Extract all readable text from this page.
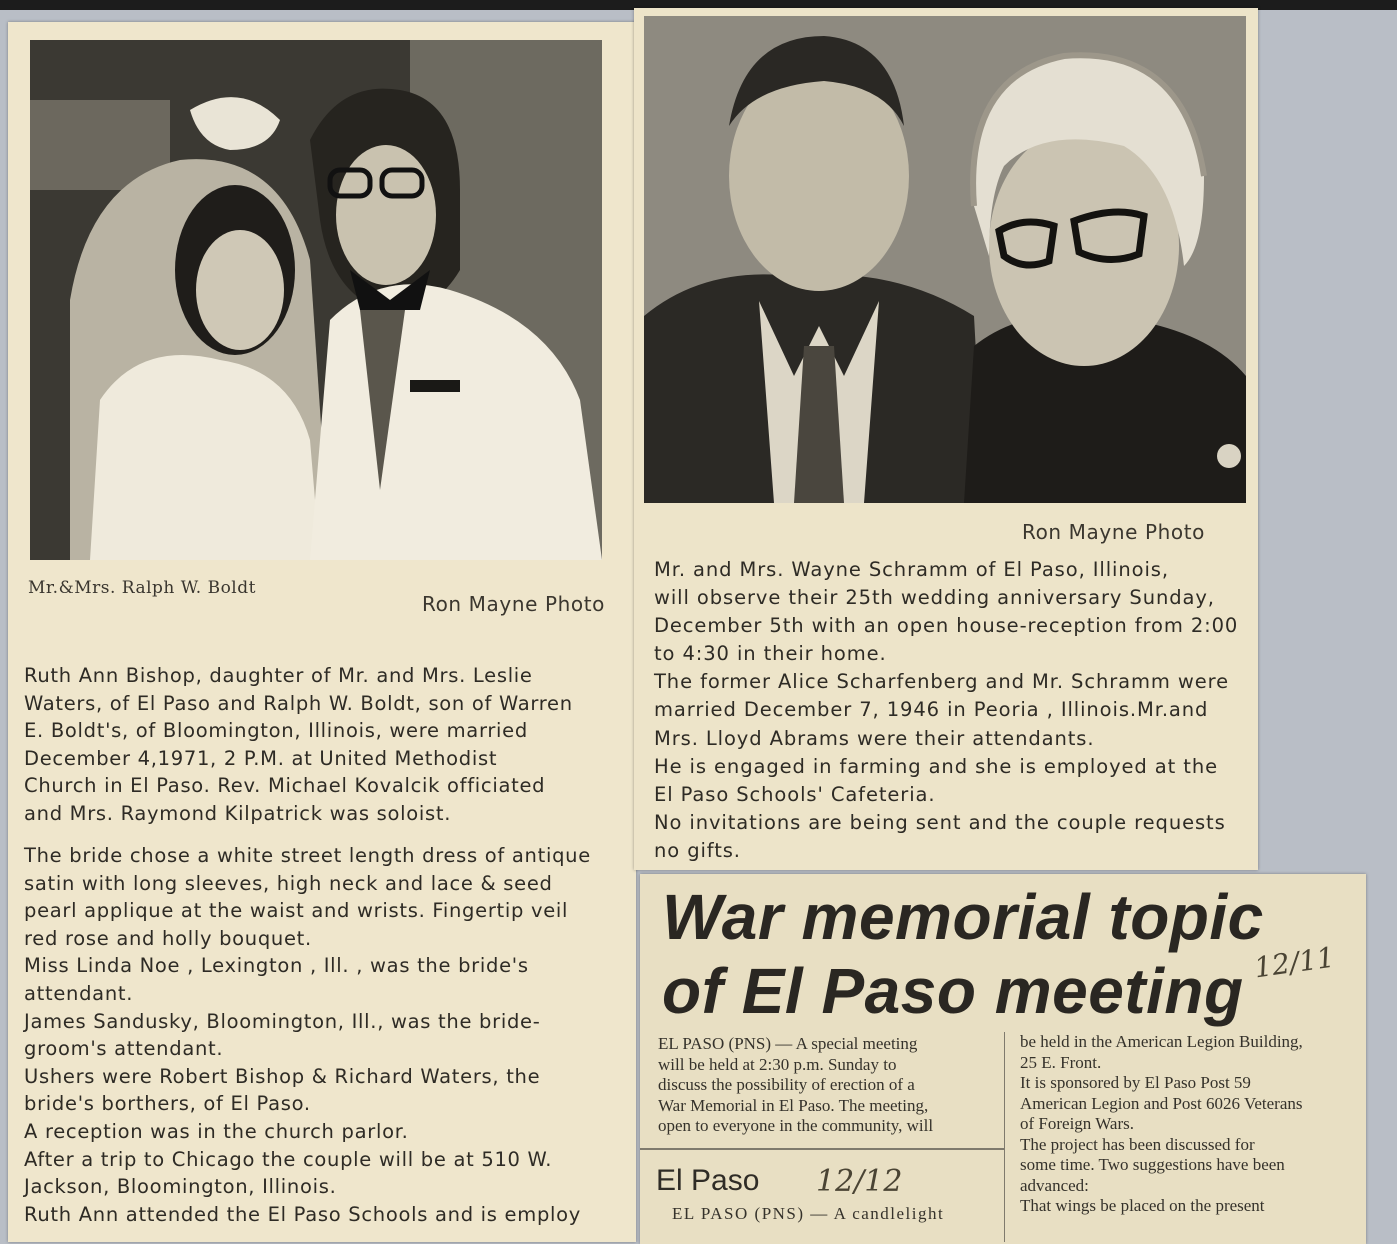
Mr.&Mrs. Ralph W. Boldt
Ron Mayne Photo
Ruth Ann Bishop, daughter of Mr. and Mrs. Leslie
Waters, of El Paso and Ralph W. Boldt, son of Warren
E. Boldt's, of Bloomington, Illinois, were married
December 4,1971, 2 P.M. at United Methodist
Church in El Paso. Rev. Michael Kovalcik officiated
and Mrs. Raymond Kilpatrick was soloist.
The bride chose a white street length dress of antique
satin with long sleeves, high neck and lace & seed
pearl applique at the waist and wrists. Fingertip veil
red rose and holly bouquet.
Miss Linda Noe , Lexington , Ill. , was the bride's
attendant.
James Sandusky, Bloomington, Ill., was the bride-
groom's attendant.
Ushers were Robert Bishop & Richard Waters, the
bride's borthers, of El Paso.
A reception was in the church parlor.
After a trip to Chicago the couple will be at 510 W.
Jackson, Bloomington, Illinois.
Ruth Ann attended the El Paso Schools and is employ
Ron Mayne Photo
Mr. and Mrs. Wayne Schramm of El Paso, Illinois,
will observe their 25th wedding anniversary Sunday,
December 5th with an open house-reception from 2:00
to 4:30 in their home.
The former Alice Scharfenberg and Mr. Schramm were
married December 7, 1946 in Peoria , Illinois.Mr.and
Mrs. Lloyd Abrams were their attendants.
He is engaged in farming and she is employed at the
El Paso Schools' Cafeteria.
No invitations are being sent and the couple requests
no gifts.
War memorial topic
of El Paso meeting 12/11
EL PASO (PNS) — A special meeting
will be held at 2:30 p.m. Sunday to
discuss the possibility of erection of a
War Memorial in El Paso. The meeting,
open to everyone in the community, will
be held in the American Legion Building,
25 E. Front.
It is sponsored by El Paso Post 59
American Legion and Post 6026 Veterans
of Foreign Wars.
The project has been discussed for
some time. Two suggestions have been
advanced:
That wings be placed on the present
El Paso 12/12
EL PASO (PNS) — A candlelight
